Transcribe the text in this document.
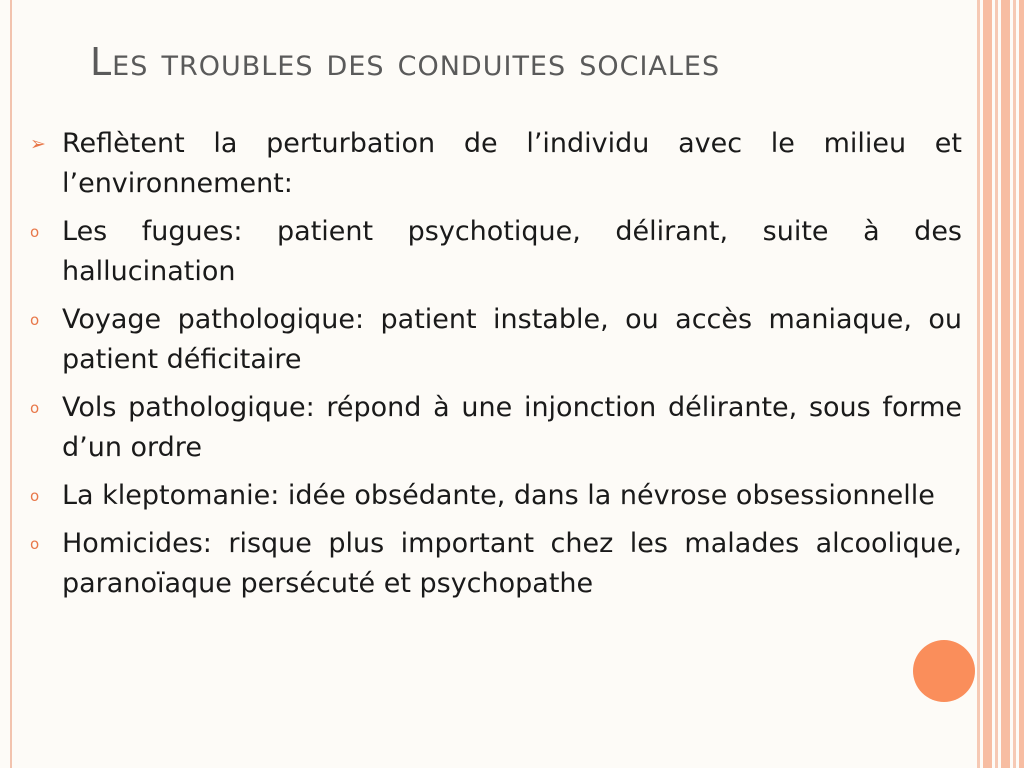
Les troubles des conduites sociales
➢ Reflètent la perturbation de l’individu avec le milieu et l’environnement:
o Les fugues: patient psychotique, délirant, suite à des hallucination
o Voyage pathologique: patient instable, ou accès maniaque, ou patient déficitaire
o Vols pathologique: répond à une injonction délirante, sous forme d’un ordre
o La kleptomanie: idée obsédante, dans la névrose obsessionnelle
o Homicides: risque plus important chez les malades alcoolique, paranoïaque persécuté et psychopathe
